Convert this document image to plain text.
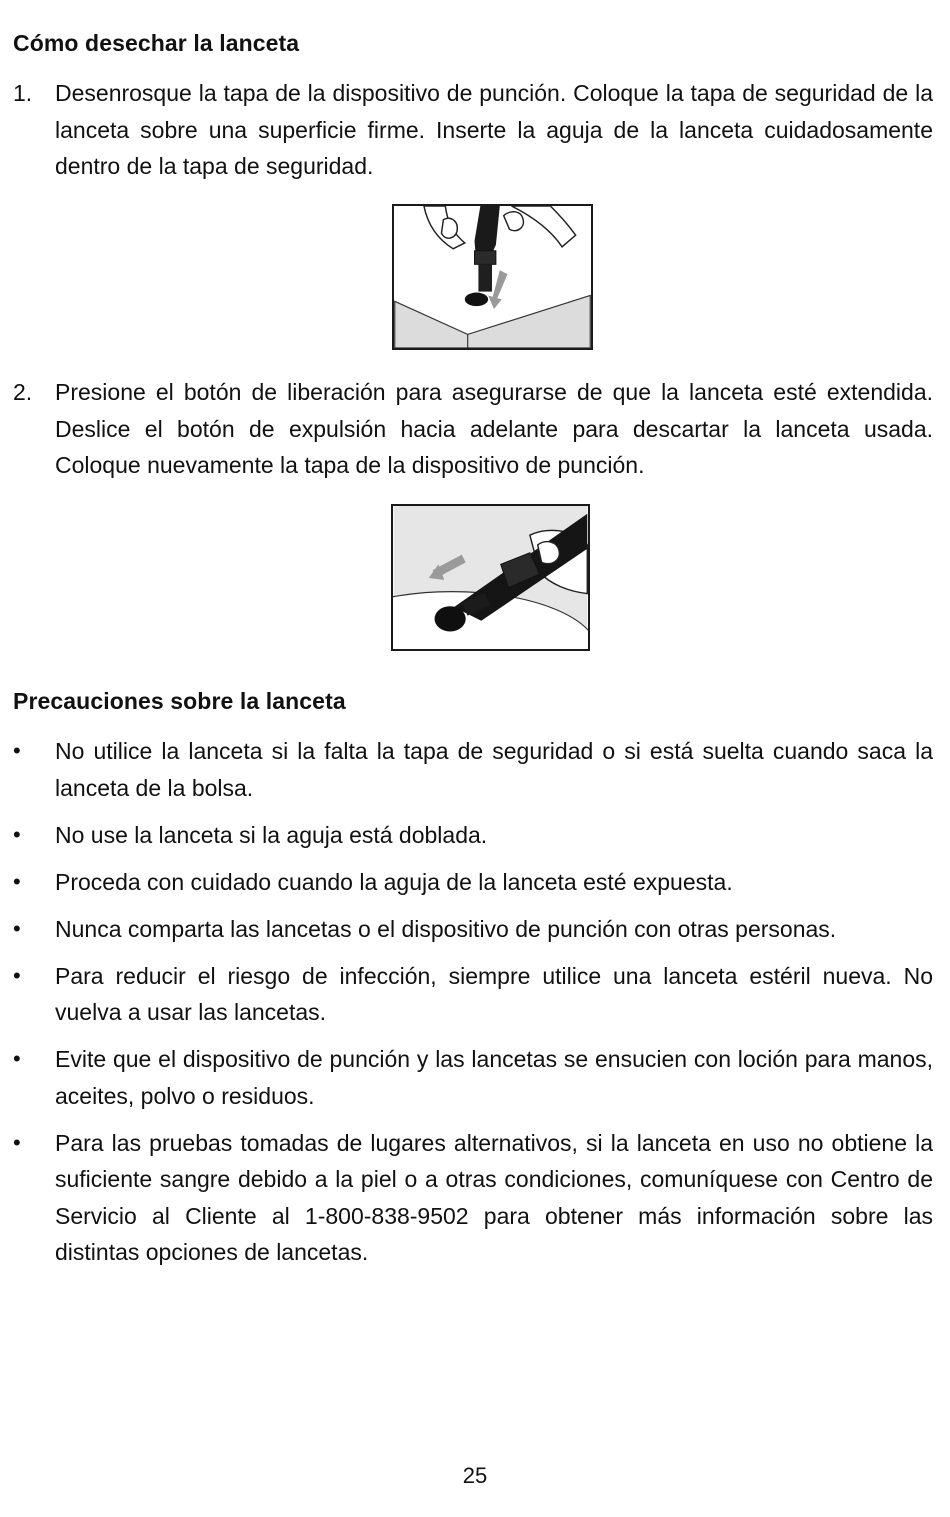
Cómo desechar la lanceta
1. Desenrosque la tapa de la dispositivo de punción. Coloque la tapa de seguridad de la lanceta sobre una superficie firme. Inserte la aguja de la lanceta cuidadosamente dentro de la tapa de seguridad.
2. Presione el botón de liberación para asegurarse de que la lanceta esté extendida. Deslice el botón de expulsión hacia adelante para descartar la lanceta usada. Coloque nuevamente la tapa de la dispositivo de punción.
Precauciones sobre la lanceta
• No utilice la lanceta si la falta la tapa de seguridad o si está suelta cuando saca la lanceta de la bolsa.
• No use la lanceta si la aguja está doblada.
• Proceda con cuidado cuando la aguja de la lanceta esté expuesta.
• Nunca comparta las lancetas o el dispositivo de punción con otras personas.
• Para reducir el riesgo de infección, siempre utilice una lanceta estéril nueva. No vuelva a usar las lancetas.
• Evite que el dispositivo de punción y las lancetas se ensucien con loción para manos, aceites, polvo o residuos.
• Para las pruebas tomadas de lugares alternativos, si la lanceta en uso no obtiene la suficiente sangre debido a la piel o a otras condiciones, comuníquese con Centro de Servicio al Cliente al 1-800-838-9502 para obtener más información sobre las distintas opciones de lancetas.
25
